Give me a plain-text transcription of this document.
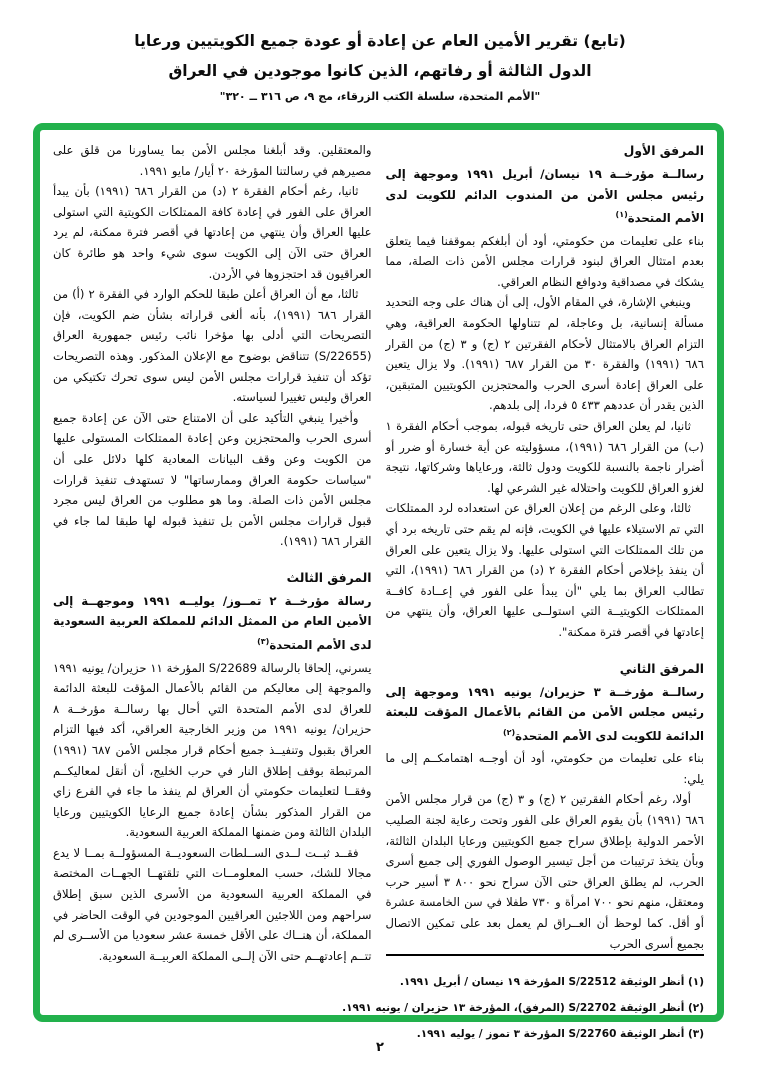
(تابع) تقرير الأمين العام عن إعادة أو عودة جميع الكويتيين ورعايا
الدول الثالثة أو رفاتهم، الذين كانوا موجودين في العراق
"الأمم المتحدة، سلسلة الكتب الزرقاء، مج ٩، ص ٣١٦ ــ ٣٢٠"
المرفق الأول

رسالــة مؤرخــة ١٩ نيسان/ أبريل ١٩٩١ وموجهة إلى رئيس مجلس الأمن من المندوب الدائم للكويت لدى الأمم المتحدة$^{(١)}$

بناء على تعليمات من حكومتي، أود أن أبلغكم بموقفنا فيما يتعلق بعدم امتثال العراق لبنود قرارات مجلس الأمن ذات الصلة، مما يشكك في مصداقية ودوافع النظام العراقي.

وينبغي الإشارة، في المقام الأول، إلى أن هناك على وجه التحديد مسألة إنسانية، بل وعاجلة، لم تتناولها الحكومة العراقية، وهي التزام العراق بالامتثال لأحكام الفقرتين ٢ (ج) و ٣ (ج) من القرار ٦٨٦ (١٩٩١) والفقرة ٣٠ من القرار ٦٨٧ (١٩٩١). ولا يزال يتعين على العراق إعادة أسرى الحرب والمحتجزين الكويتيين المتبقين، الذين يقدر أن عددهم ٤٣٣ ٥ فردا، إلى بلدهم.

ثانيا، لم يعلن العراق حتى تاريخه قبوله، بموجب أحكام الفقرة ١ (ب) من القرار ٦٨٦ (١٩٩١)، مسؤوليته عن أية خسارة أو ضرر أو أضرار ناجمة بالنسبة للكويت ودول ثالثة، ورعاياها وشركاتها، نتيجة لغزو العراق للكويت واحتلاله غير الشرعي لها.

ثالثا، وعلى الرغم من إعلان العراق عن استعداده لرد الممتلكات التي تم الاستيلاء عليها في الكويت، فإنه لم يقم حتى تاريخه برد أي من تلك الممتلكات التي استولى عليها. ولا يزال يتعين على العراق أن ينفذ بإخلاص أحكام الفقرة ٢ (د) من القرار ٦٨٦ (١٩٩١)، التي تطالب العراق بما يلي "أن يبدأ على الفور في إعــادة كافــة الممتلكات الكويتيــة التي استولــى عليها العراق، وأن ينتهي من إعادتها في أقصر فترة ممكنة".

المرفق الثاني

رسالــة مؤرخــة ٣ حزيران/ يونيه ١٩٩١ وموجهة إلى رئيس مجلس الأمن من القائم بالأعمال المؤقت للبعثة الدائمة للكويت لدى الأمم المتحدة$^{(٢)}$

بناء على تعليمات من حكومتي، أود أن أوجــه اهتمامكــم إلى ما يلي:

أولا، رغم أحكام الفقرتين ٢ (ج) و ٣ (ج) من قرار مجلس الأمن ٦٨٦ (١٩٩١) بأن يقوم العراق على الفور وتحت رعاية لجنة الصليب الأحمر الدولية بإطلاق سراح جميع الكويتيين ورعايا البلدان الثالثة، وبأن يتخذ ترتيبات من أجل تيسير الوصول الفوري إلى جميع أسرى الحرب، لم يطلق العراق حتى الآن سراح نحو ٨٠٠ ٣ أسير حرب ومعتقل، منهم نحو ٧٠٠ امرأة و ٧٣٠ طفلا في سن الخامسة عشرة أو أقل. كما لوحظ أن العــراق لم يعمل بعد على تمكين الاتصال بجميع أسرى الحرب

(١) أنظر الوثيقة S/22512 المؤرخة ١٩ نيسان / أبريل ١٩٩١.

(٢) أنظر الوثيقة S/22702 (المرفق)، المؤرخة ١٣ حزيران / يونيه ١٩٩١.

(٣) أنظر الوثيقة S/22760 المؤرخة ٣ تموز / يوليه ١٩٩١.

والمعتقلين. وقد أبلغنا مجلس الأمن بما يساورنا من قلق على مصيرهم في رسالتنا المؤرخة ٢٠ أيار/ مايو ١٩٩١.

ثانيا، رغم أحكام الفقرة ٢ (د) من القرار ٦٨٦ (١٩٩١) بأن يبدأ العراق على الفور في إعادة كافة الممتلكات الكويتية التي استولى عليها العراق وأن ينتهي من إعادتها في أقصر فترة ممكنة، لم يرد العراق حتى الآن إلى الكويت سوى شيء واحد هو طائرة كان العراقيون قد احتجزوها في الأردن.

ثالثا، مع أن العراق أعلن طبقا للحكم الوارد في الفقرة ٢ (أ) من القرار ٦٨٦ (١٩٩١)، بأنه ألغى قراراته بشأن ضم الكويت، فإن التصريحات التي أدلى بها مؤخرا نائب رئيس جمهورية العراق (S/22655) تتناقض بوضوح مع الإعلان المذكور. وهذه التصريحات تؤكد أن تنفيذ قرارات مجلس الأمن ليس سوى تحرك تكتيكي من العراق وليس تغييرا لسياسته.

وأخيرا ينبغي التأكيد على أن الامتناع حتى الآن عن إعادة جميع أسرى الحرب والمحتجزين وعن إعادة الممتلكات المستولى عليها من الكويت وعن وقف البيانات المعادية كلها دلائل على أن "سياسات حكومة العراق وممارساتها" لا تستهدف تنفيذ قرارات مجلس الأمن ذات الصلة. وما هو مطلوب من العراق ليس مجرد قبول قرارات مجلس الأمن بل تنفيذ قبوله لها طبقا لما جاء في القرار ٦٨٦ (١٩٩١).

المرفق الثالث

رسالة مؤرخــة ٢ تمــوز/ يوليــه ١٩٩١ وموجهــة إلى الأمين العام من الممثل الدائم للمملكة العربية السعودية لدى الأمم المتحدة$^{(٣)}$

يسرني، إلحاقا بالرسالة S/22689 المؤرخة ١١ حزيران/ يونيه ١٩٩١ والموجهة إلى معاليكم من القائم بالأعمال المؤقت للبعثة الدائمة للعراق لدى الأمم المتحدة التي أحال بها رسالــة مؤرخــة ٨ حزيران/ يونيه ١٩٩١ من وزير الخارجية العراقي، أكد فيها التزام العراق بقبول وتنفيــذ جميع أحكام قرار مجلس الأمن ٦٨٧ (١٩٩١) المرتبطة بوقف إطلاق النار في حرب الخليج، أن أنقل لمعاليكــم وفقــا لتعليمات حكومتي أن العراق لم ينفذ ما جاء في الفرع زاي من القرار المذكور بشأن إعادة جميع الرعايا الكويتيين ورعايا البلدان الثالثة ومن ضمنها المملكة العربية السعودية.

فقــد ثبــت لــدى الســلطات السعوديــة المسؤولــة بمــا لا يدع مجالا للشك، حسب المعلومــات التي تلقتهــا الجهــات المختصة في المملكة العربية السعودية من الأسرى الذين سبق إطلاق سراحهم ومن اللاجئين العراقيين الموجودين في الوقت الحاضر في المملكة، أن هنــاك على الأقل خمسة عشر سعوديا من الأســرى لم تتــم إعادتهــم حتى الآن إلــى المملكة العربيــة السعودية.

٢
